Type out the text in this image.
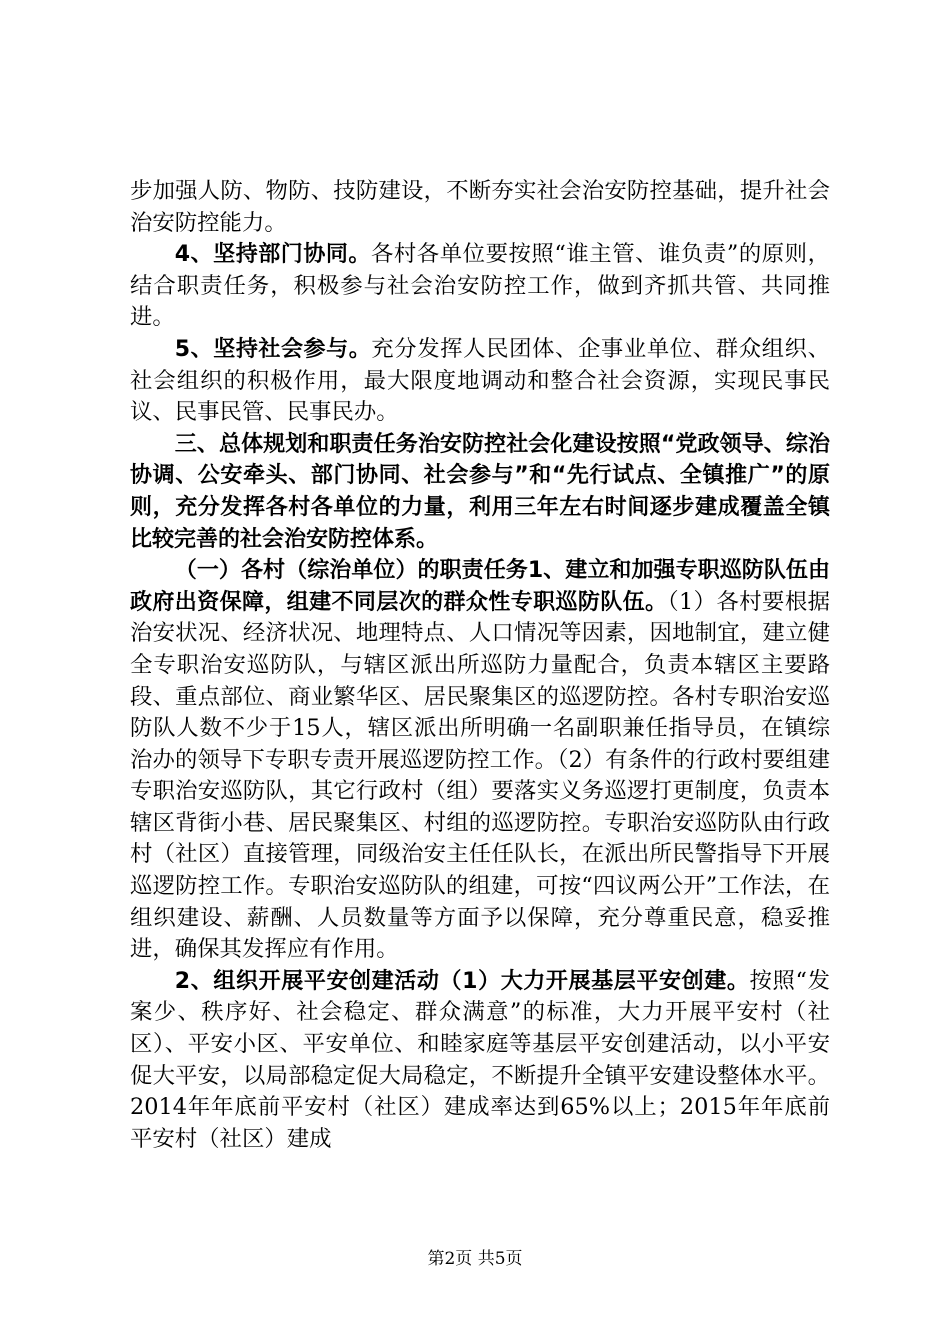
步加强人防、物防、技防建设，不断夯实社会治安防控基础，提升社会治安防控能力。

4、坚持部门协同。各村各单位要按照“谁主管、谁负责”的原则，结合职责任务，积极参与社会治安防控工作，做到齐抓共管、共同推进。

5、坚持社会参与。充分发挥人民团体、企事业单位、群众组织、社会组织的积极作用，最大限度地调动和整合社会资源，实现民事民议、民事民管、民事民办。

三、总体规划和职责任务治安防控社会化建设按照“党政领导、综治协调、公安牵头、部门协同、社会参与”和“先行试点、全镇推广”的原则，充分发挥各村各单位的力量，利用三年左右时间逐步建成覆盖全镇比较完善的社会治安防控体系。

（一）各村（综治单位）的职责任务1、建立和加强专职巡防队伍由政府出资保障，组建不同层次的群众性专职巡防队伍。（1）各村要根据治安状况、经济状况、地理特点、人口情况等因素，因地制宜，建立健全专职治安巡防队，与辖区派出所巡防力量配合，负责本辖区主要路段、重点部位、商业繁华区、居民聚集区的巡逻防控。各村专职治安巡防队人数不少于15人，辖区派出所明确一名副职兼任指导员，在镇综治办的领导下专职专责开展巡逻防控工作。（2）有条件的行政村要组建专职治安巡防队，其它行政村（组）要落实义务巡逻打更制度，负责本辖区背街小巷、居民聚集区、村组的巡逻防控。专职治安巡防队由行政村（社区）直接管理，同级治安主任任队长，在派出所民警指导下开展巡逻防控工作。专职治安巡防队的组建，可按“四议两公开”工作法，在组织建设、薪酬、人员数量等方面予以保障，充分尊重民意，稳妥推进，确保其发挥应有作用。

2、组织开展平安创建活动（1）大力开展基层平安创建。按照“发案少、秩序好、社会稳定、群众满意”的标准，大力开展平安村（社区）、平安小区、平安单位、和睦家庭等基层平安创建活动，以小平安促大平安，以局部稳定促大局稳定，不断提升全镇平安建设整体水平。2014年年底前平安村（社区）建成率达到65%以上；2015年年底前平安村（社区）建成

第2页 共5页
